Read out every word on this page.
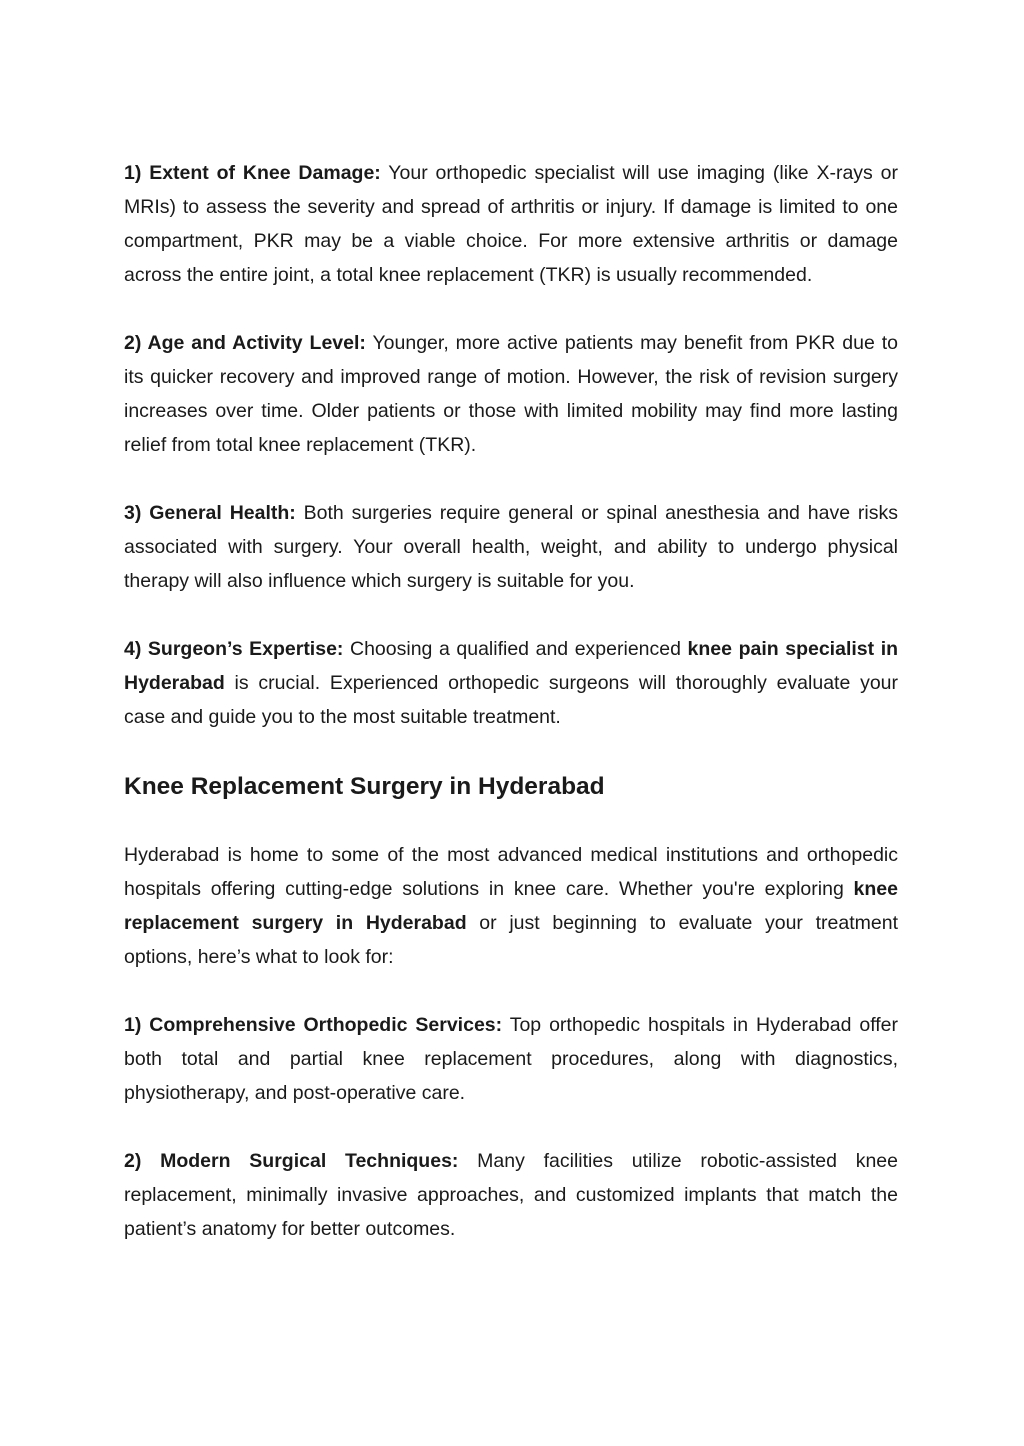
1) Extent of Knee Damage: Your orthopedic specialist will use imaging (like X-rays or MRIs) to assess the severity and spread of arthritis or injury. If damage is limited to one compartment, PKR may be a viable choice. For more extensive arthritis or damage across the entire joint, a total knee replacement (TKR) is usually recommended.

2) Age and Activity Level: Younger, more active patients may benefit from PKR due to its quicker recovery and improved range of motion. However, the risk of revision surgery increases over time. Older patients or those with limited mobility may find more lasting relief from total knee replacement (TKR).

3) General Health: Both surgeries require general or spinal anesthesia and have risks associated with surgery. Your overall health, weight, and ability to undergo physical therapy will also influence which surgery is suitable for you.

4) Surgeon’s Expertise: Choosing a qualified and experienced knee pain specialist in Hyderabad is crucial. Experienced orthopedic surgeons will thoroughly evaluate your case and guide you to the most suitable treatment.

Knee Replacement Surgery in Hyderabad

Hyderabad is home to some of the most advanced medical institutions and orthopedic hospitals offering cutting-edge solutions in knee care. Whether you're exploring knee replacement surgery in Hyderabad or just beginning to evaluate your treatment options, here’s what to look for:

1) Comprehensive Orthopedic Services: Top orthopedic hospitals in Hyderabad offer both total and partial knee replacement procedures, along with diagnostics, physiotherapy, and post-operative care.

2) Modern Surgical Techniques: Many facilities utilize robotic-assisted knee replacement, minimally invasive approaches, and customized implants that match the patient’s anatomy for better outcomes.
